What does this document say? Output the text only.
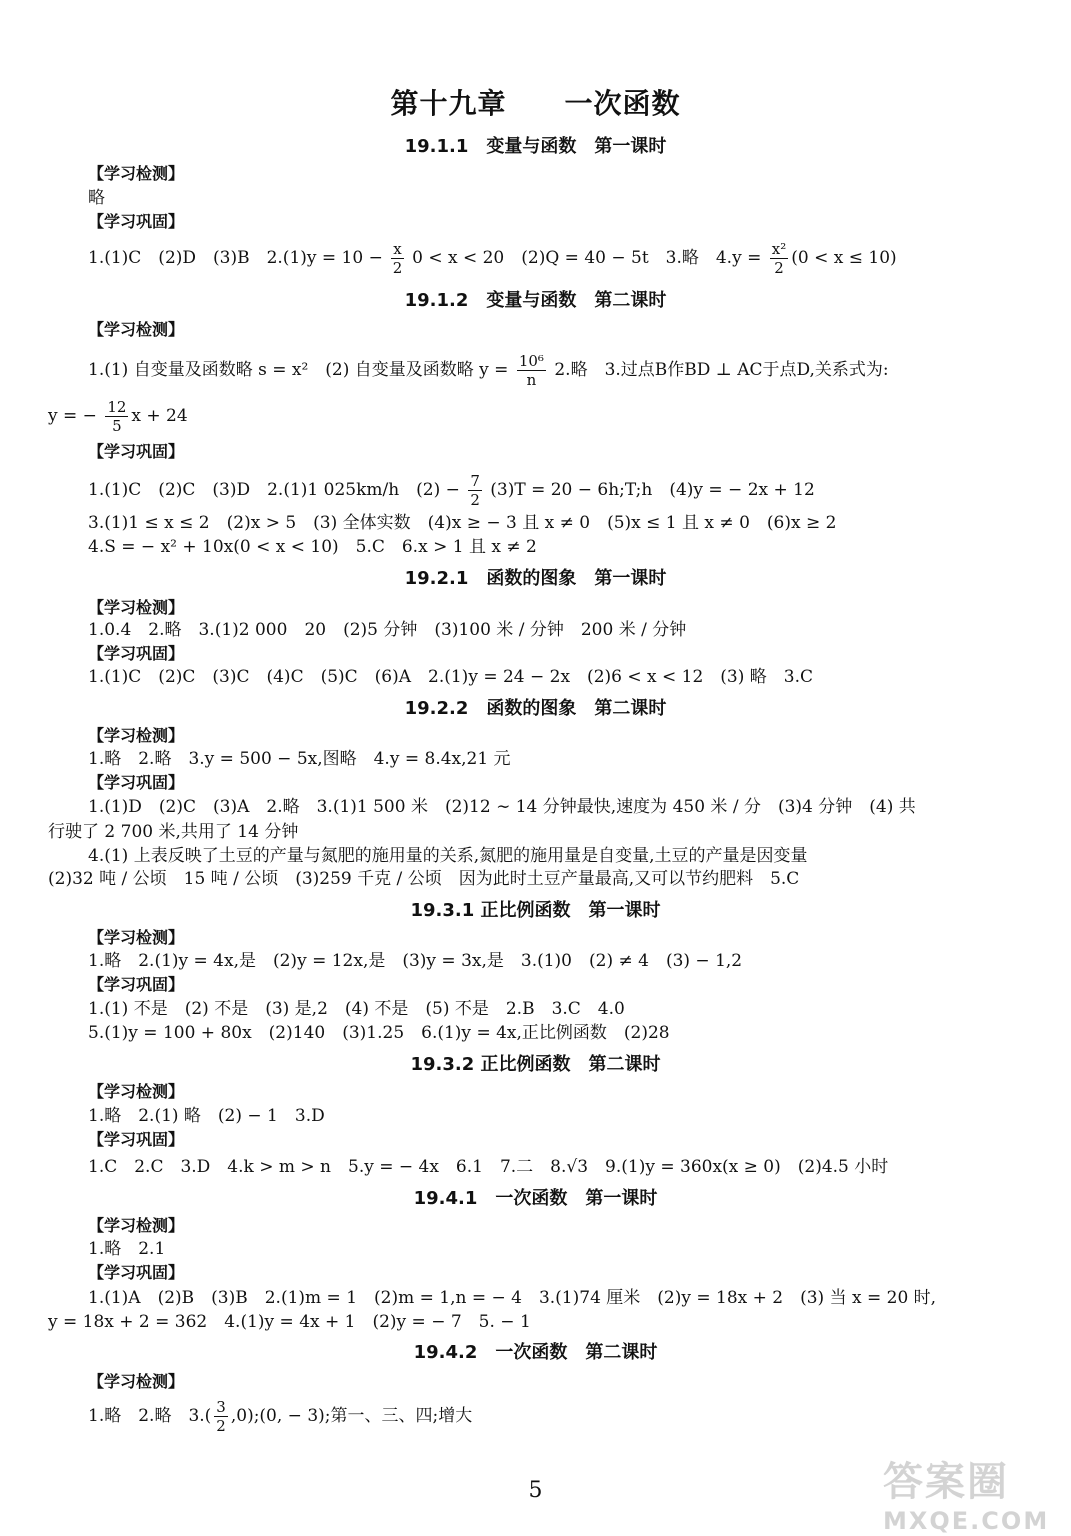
第十九章　　一次函数
19.1.1　变量与函数　第一课时
【学习检测】
略
【学习巩固】
1.(1)C　(2)D　(3)B　$2.(1)y = 10 - \frac{x}{2} 0 < x < 20$　(2)Q = 40 − 5t　3.略　$4.y = \frac{\text{x²}}{2} (0 < x \le 10)$
19.1.2　变量与函数　第二课时
【学习检测】
1.(1) 自变量及函数略 s = x²　(2) 自变量及函数略 $y = \frac{\text{10⁶}}{n} 2$.略　3.过点B作BD ⊥ AC于点D,关系式为:
y = − $\frac{12}{5}$ x + 24
【学习巩固】
1.(1)C　(2)C　(3)D　2.(1)1 025km/h　$(2) - \frac{7}{2} (3)T = 20$ − 6h;T;h　(4)y = − 2x + 12
3.(1)1 ≤ x ≤ 2　(2)x > 5　(3) 全体实数　(4)x ≥ − 3 且 x ≠ 0　(5)x ≤ 1 且 x ≠ 0　(6)x ≥ 2
4.S = − x² + 10x(0 < x < 10)　5.C　6.x > 1 且 x ≠ 2
19.2.1　函数的图象　第一课时
【学习检测】
1.0.4　2.略　3.(1)2 000　20　(2)5 分钟　(3)100 米 / 分钟　200 米 / 分钟
【学习巩固】
1.(1)C　(2)C　(3)C　(4)C　(5)C　(6)A　2.(1)y = 24 − 2x　(2)6 < x < 12　(3) 略　3.C
19.2.2　函数的图象　第二课时
【学习检测】
1.略　2.略　3.y = 500 − 5x,图略　4.y = 8.4x,21 元
【学习巩固】
1.(1)D　(2)C　(3)A　2.略　3.(1)1 500 米　(2)12 ∼ 14 分钟最快,速度为 450 米 / 分　(3)4 分钟　(4) 共
行驶了 2 700 米,共用了 14 分钟
4.(1) 上表反映了土豆的产量与氮肥的施用量的关系,氮肥的施用量是自变量,土豆的产量是因变量
(2)32 吨 / 公顷　15 吨 / 公顷　(3)259 千克 / 公顷　因为此时土豆产量最高,又可以节约肥料　5.C
19.3.1 正比例函数　第一课时
【学习检测】
1.略　2.(1)y = 4x,是　(2)y = 12x,是　(3)y = 3x,是　3.(1)0　(2) ≠ 4　(3) − 1,2
【学习巩固】
1.(1) 不是　(2) 不是　(3) 是,2　(4) 不是　(5) 不是　2.B　3.C　4.0
5.(1)y = 100 + 80x　(2)140　(3)1.25　6.(1)y = 4x,正比例函数　(2)28
19.3.2 正比例函数　第二课时
【学习检测】
1.略　2.(1) 略　(2) − 1　3.D
【学习巩固】
1.C　2.C　3.D　4.k > m > n　5.y = − 4x　6.1　7.二　8.√3　9.(1)y = 360x(x ≥ 0)　(2)4.5 小时
19.4.1　一次函数　第一课时
【学习检测】
1.略　2.1
【学习巩固】
1.(1)A　(2)B　(3)B　2.(1)m = 1　(2)m = 1,n = − 4　3.(1)74 厘米　(2)y = 18x + 2　(3) 当 x = 20 时,
y = 18x + 2 = 362　4.(1)y = 4x + 1　(2)y = − 7　5. − 1
19.4.2　一次函数　第二课时
【学习检测】
1.略　2.略　$3.( \frac{3}{2}$ ,0);(0, − 3);第一、三、四;增大
5	答案圈
MXQE.COM
